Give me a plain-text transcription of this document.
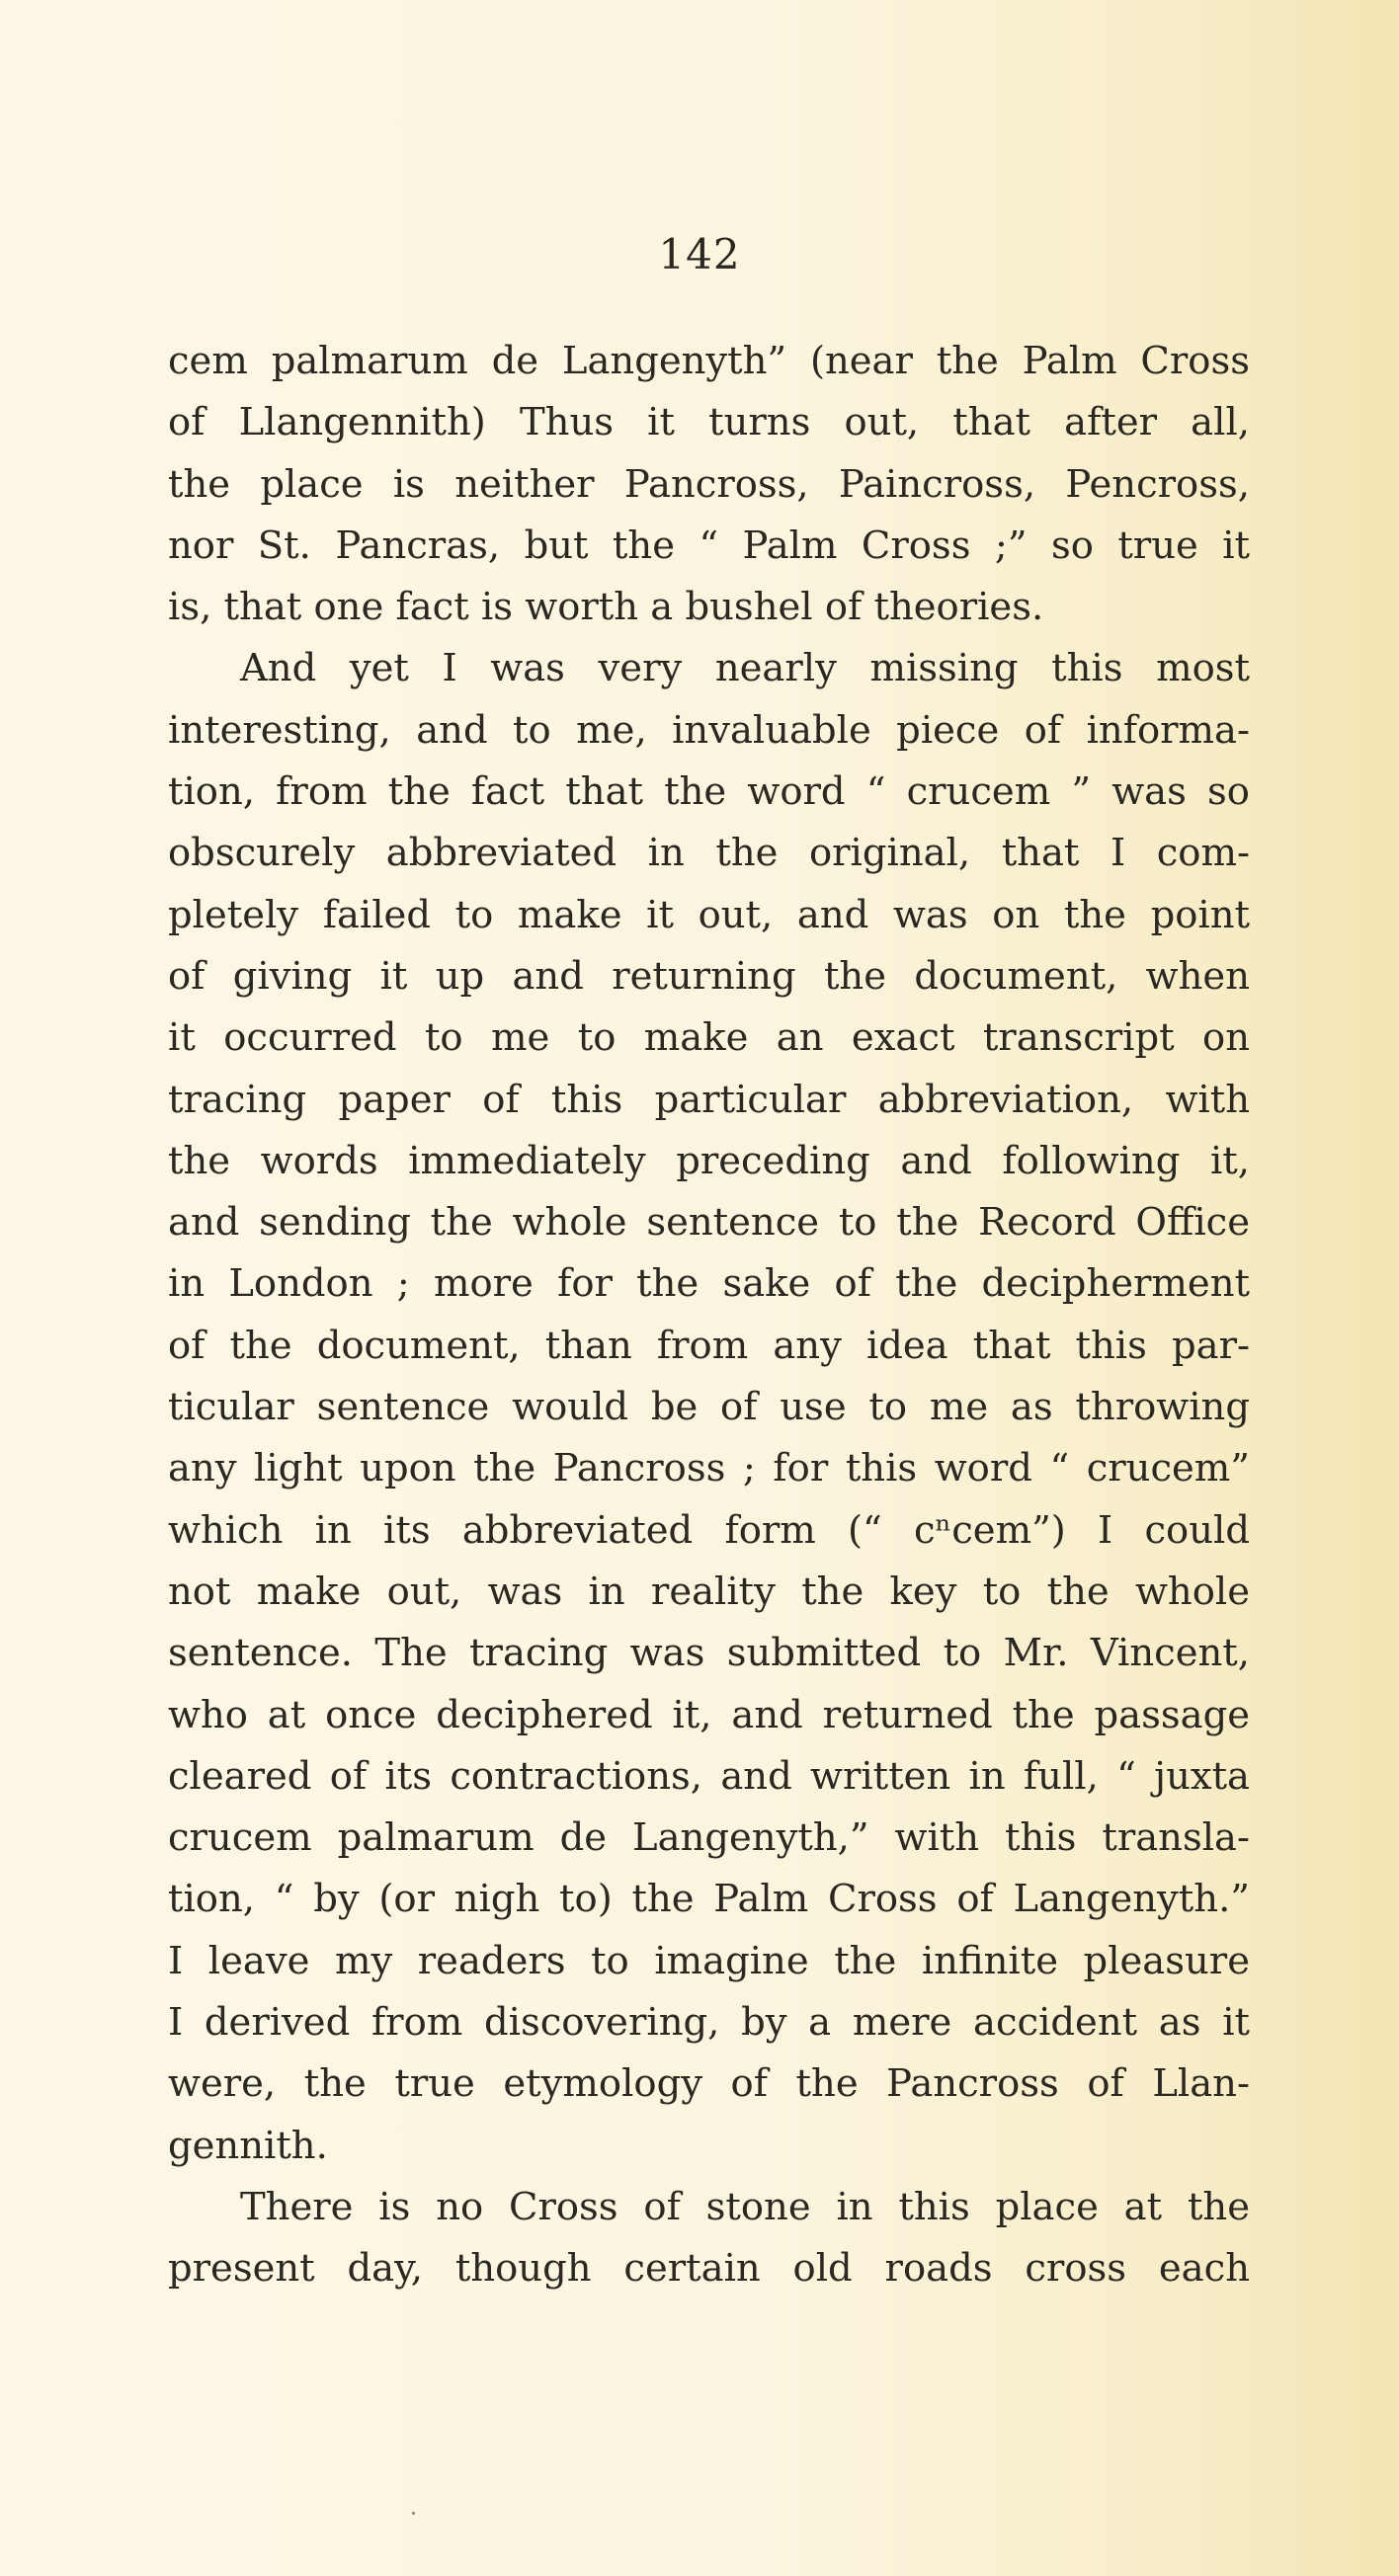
142
cem palmarum de Langenyth” (near the Palm Cross
of Llangennith) Thus it turns out, that after all,
the place is neither Pancross, Paincross, Pencross,
nor St. Pancras, but the “ Palm Cross ;” so true it
is, that one fact is worth a bushel of theories.
And yet I was very nearly missing this most
interesting, and to me, invaluable piece of informa-
tion, from the fact that the word “ crucem ” was so
obscurely abbreviated in the original, that I com-
pletely failed to make it out, and was on the point
of giving it up and returning the document, when
it occurred to me to make an exact transcript on
tracing paper of this particular abbreviation, with
the words immediately preceding and following it,
and sending the whole sentence to the Record Office
in London ; more for the sake of the decipherment
of the document, than from any idea that this par-
ticular sentence would be of use to me as throwing
any light upon the Pancross ; for this word “ crucem”
which in its abbreviated form (“ cⁿcem”) I could
not make out, was in reality the key to the whole
sentence. The tracing was submitted to Mr. Vincent,
who at once deciphered it, and returned the passage
cleared of its contractions, and written in full, “ juxta
crucem palmarum de Langenyth,” with this transla-
tion, “ by (or nigh to) the Palm Cross of Langenyth.”
I leave my readers to imagine the infinite pleasure
I derived from discovering, by a mere accident as it
were, the true etymology of the Pancross of Llan-
gennith.
There is no Cross of stone in this place at the
present day, though certain old roads cross each
